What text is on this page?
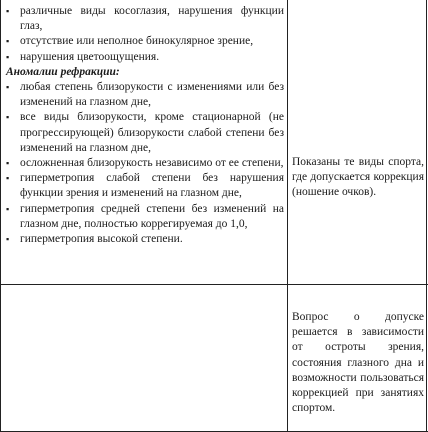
▪ различные виды косоглазия, нарушения функции глаз,
▪ отсутствие или неполное бинокулярное зрение,
▪ нарушения цветоощущения.
Аномалии рефракции:
▪ любая степень близорукости с изменениями или без изменений на глазном дне,
▪ все виды близорукости, кроме стационарной (не прогрессирующей) близорукости слабой степени без изменений на глазном дне,
▪ осложненная близорукость независимо от ее степени,
▪ гиперметропия слабой степени без нарушения функции зрения и изменений на глазном дне,
▪ гиперметропия средней степени без изменений на глазном дне, полностью коррегируемая до 1,0,
▪ гиперметропия высокой степени.
Показаны те виды спорта, где допускается коррекция (ношение очков).
Вопрос о допуске решается в зависимости от остроты зрения, состояния глазного дна и возможности пользоваться коррекцией при занятиях спортом.
